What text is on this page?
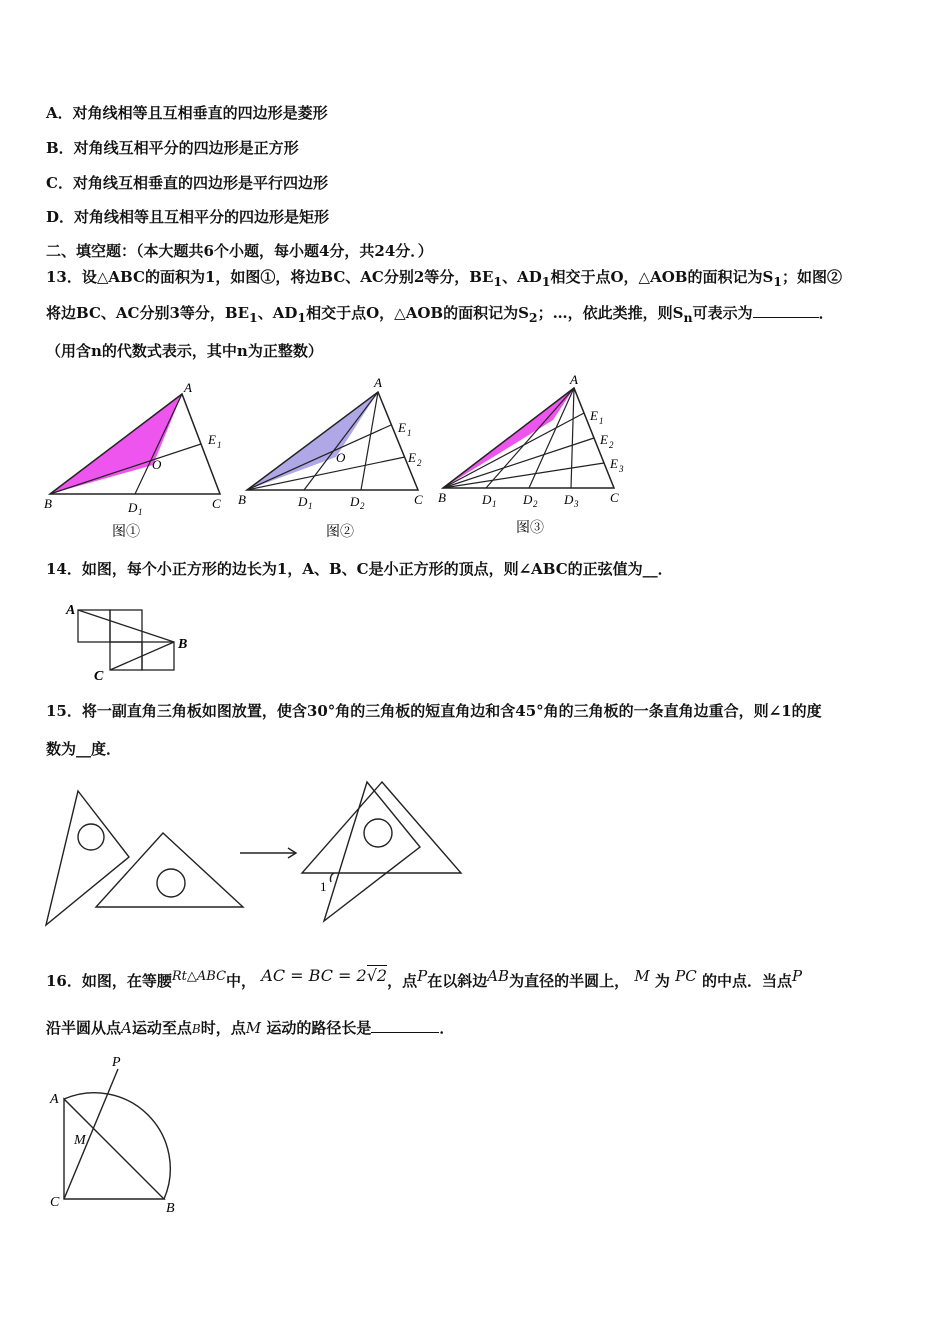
A．对角线相等且互相垂直的四边形是菱形
B．对角线互相平分的四边形是正方形
C．对角线互相垂直的四边形是平行四边形
D．对角线相等且互相平分的四边形是矩形
二、填空题：（本大题共6个小题，每小题4分，共24分．）
13．设△ABC的面积为1，如图①，将边BC、AC分别2等分，$BE_1$、$AD_1$相交于点O，△AOB的面积记为$S_1$；如图②
将边BC、AC分别3等分，$BE_1$、$AD_1$相交于点O，△AOB的面积记为$S_2$；…，依此类推，则$S_n$可表示为	．
（用含n的代数式表示，其中n为正整数）
A
B	C
O
D 1
E 1
图①
A
B	C
O
D 1	D 2
E 1
E 2
图②
A
B	C
D 1 D 2 D 3
E 1
E 2
E 3
图③
14．如图，每个小正方形的边长为1，A、B、C是小正方形的顶点，则∠ABC的正弦值为__．
A
B
C
15．将一副直角三角板如图放置，使含30°角的三角板的短直角边和含45°角的三角板的一条直角边重合，则∠1的度
数为__度．
1
16．如图，在等腰Rt△ABC中， AC = BC = 2√2，点P在以斜边AB为直径的半圆上， M 为 PC 的中点．当点P
沿半圆从点A运动至点B时，点M 运动的路径长是	．
P
A
M
C	B
